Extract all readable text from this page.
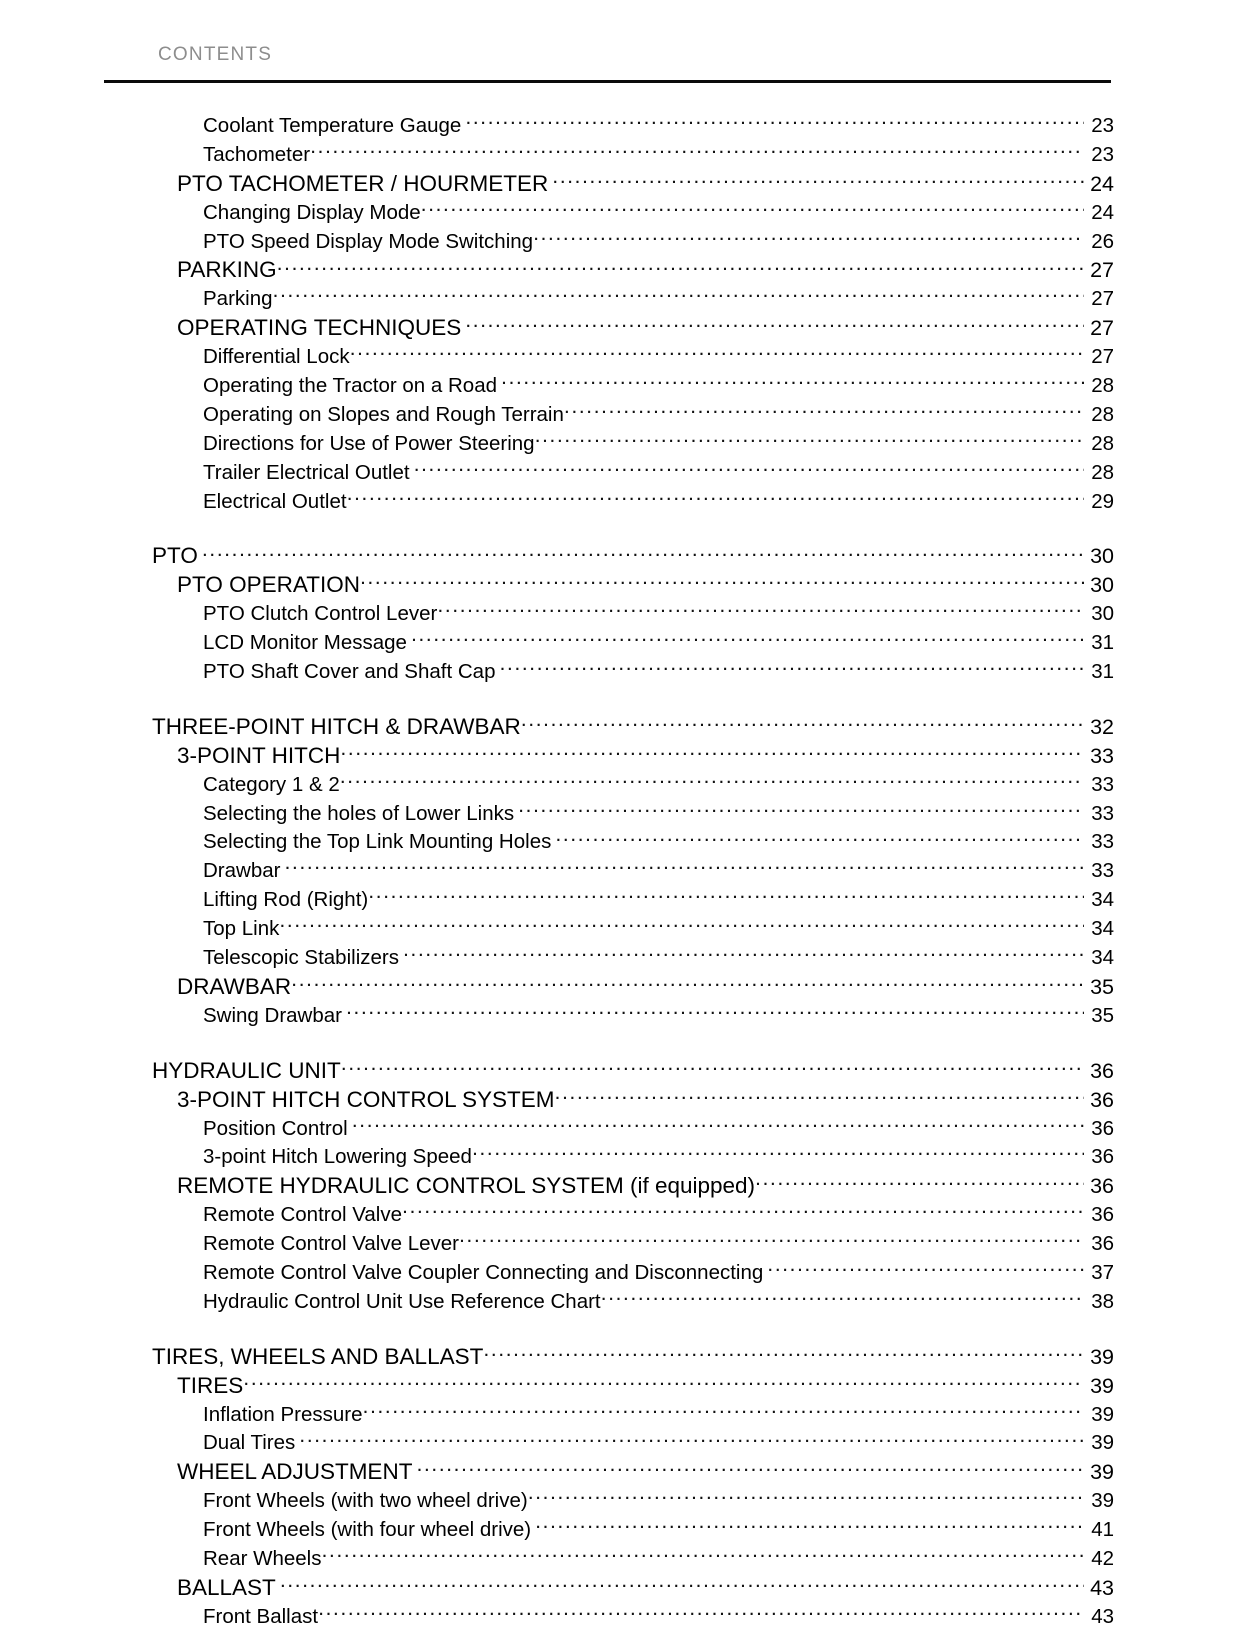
CONTENTS
Coolant Temperature Gauge .....	23
Tachometer .....	23
PTO TACHOMETER / HOURMETER .....	24
Changing Display Mode .....	24
PTO Speed Display Mode Switching .....	26
PARKING .....	27
Parking .....	27
OPERATING TECHNIQUES .....	27
Differential Lock .....	27
Operating the Tractor on a Road .....	28
Operating on Slopes and Rough Terrain .....	28
Directions for Use of Power Steering .....	28
Trailer Electrical Outlet .....	28
Electrical Outlet .....	29
PTO .....	30
PTO OPERATION .....	30
PTO Clutch Control Lever .....	30
LCD Monitor Message .....	31
PTO Shaft Cover and Shaft Cap .....	31
THREE-POINT HITCH & DRAWBAR .....	32
3-POINT HITCH .....	33
Category 1 & 2 .....	33
Selecting the holes of Lower Links .....	33
Selecting the Top Link Mounting Holes .....	33
Drawbar .....	33
Lifting Rod (Right) .....	34
Top Link .....	34
Telescopic Stabilizers .....	34
DRAWBAR .....	35
Swing Drawbar .....	35
HYDRAULIC UNIT .....	36
3-POINT HITCH CONTROL SYSTEM .....	36
Position Control .....	36
3-point Hitch Lowering Speed .....	36
REMOTE HYDRAULIC CONTROL SYSTEM (if equipped) .....	36
Remote Control Valve .....	36
Remote Control Valve Lever .....	36
Remote Control Valve Coupler Connecting and Disconnecting .....	37
Hydraulic Control Unit Use Reference Chart .....	38
TIRES, WHEELS AND BALLAST .....	39
TIRES .....	39
Inflation Pressure .....	39
Dual Tires .....	39
WHEEL ADJUSTMENT .....	39
Front Wheels (with two wheel drive) .....	39
Front Wheels (with four wheel drive) .....	41
Rear Wheels .....	42
BALLAST .....	43
Front Ballast .....	43
